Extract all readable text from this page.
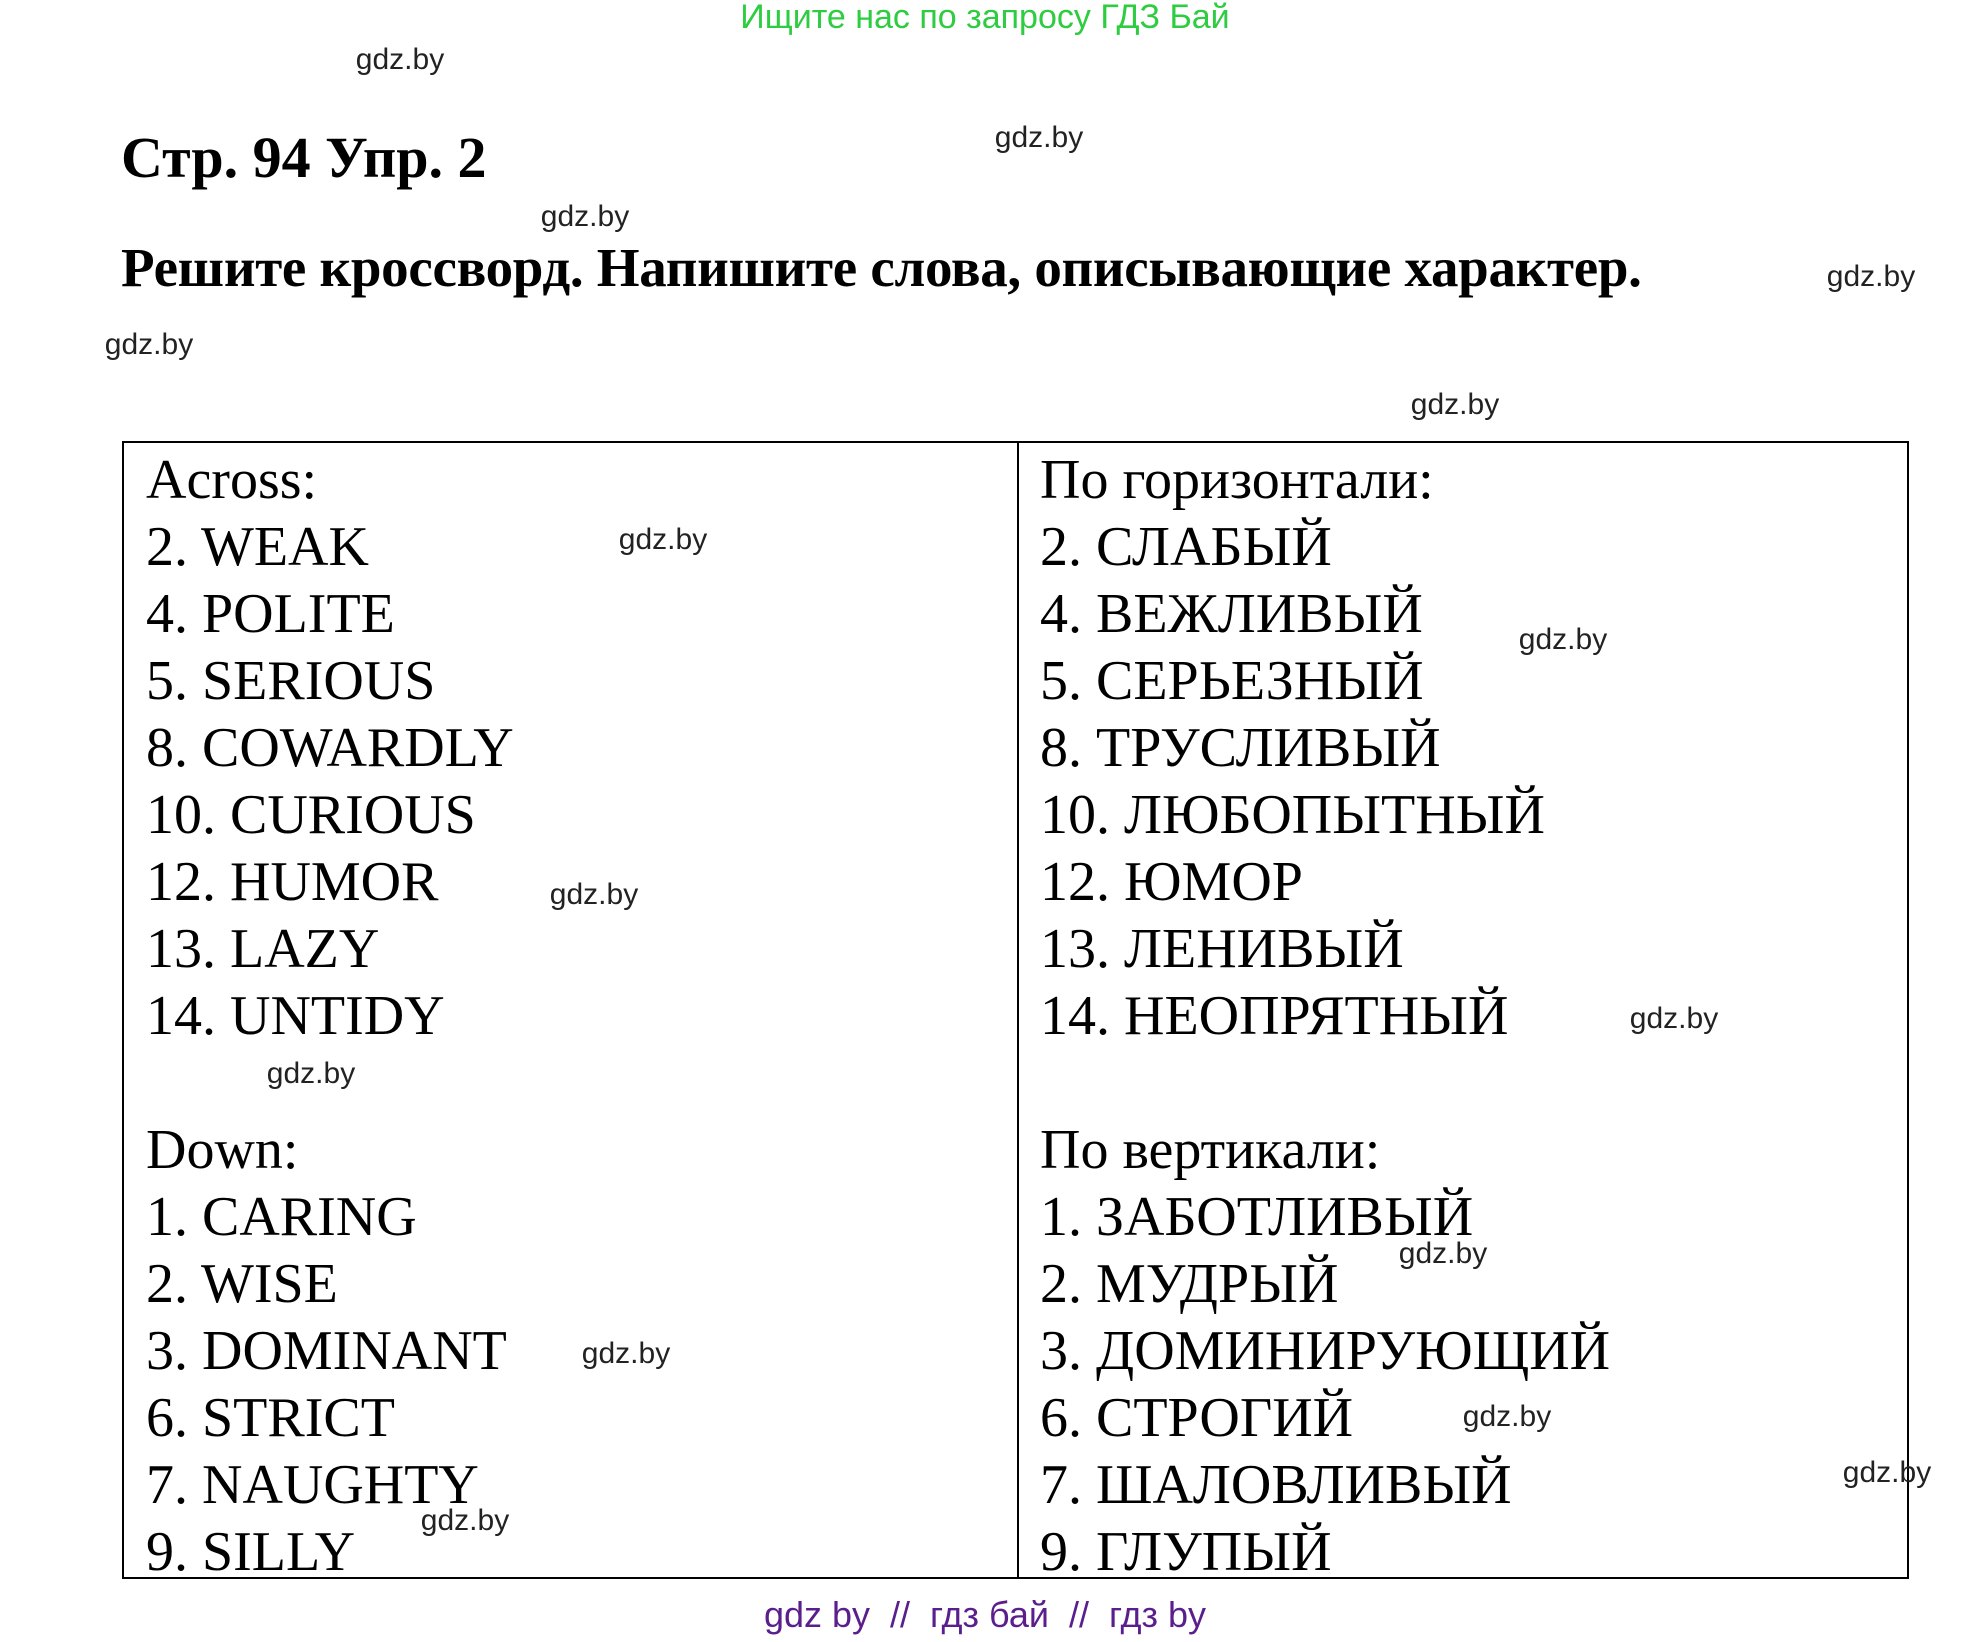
Ищите нас по запросу ГДЗ Бай
Стр. 94 Упр. 2
Решите кроссворд. Напишите слова, описывающие характер.
Across:
2. WEAK
4. POLITE
5. SERIOUS
8. COWARDLY
10. CURIOUS
12. HUMOR
13. LAZY
14. UNTIDY
Down:
1. CARING
2. WISE
3. DOMINANT
6. STRICT
7. NAUGHTY
9. SILLY
По горизонтали:
2. СЛАБЫЙ
4. ВЕЖЛИВЫЙ
5. СЕРЬЕЗНЫЙ
8. ТРУСЛИВЫЙ
10. ЛЮБОПЫТНЫЙ
12. ЮМОР
13. ЛЕНИВЫЙ
14. НЕОПРЯТНЫЙ
По вертикали:
1. ЗАБОТЛИВЫЙ
2. МУДРЫЙ
3. ДОМИНИРУЮЩИЙ
6. СТРОГИЙ
7. ШАЛОВЛИВЫЙ
9. ГЛУПЫЙ
gdz.by
gdz.by
gdz.by
gdz.by
gdz.by
gdz.by
gdz.by
gdz.by
gdz.by
gdz.by
gdz.by
gdz.by
gdz.by
gdz.by
gdz.by
gdz.by
gdz by  //  гдз бай  //  гдз by
